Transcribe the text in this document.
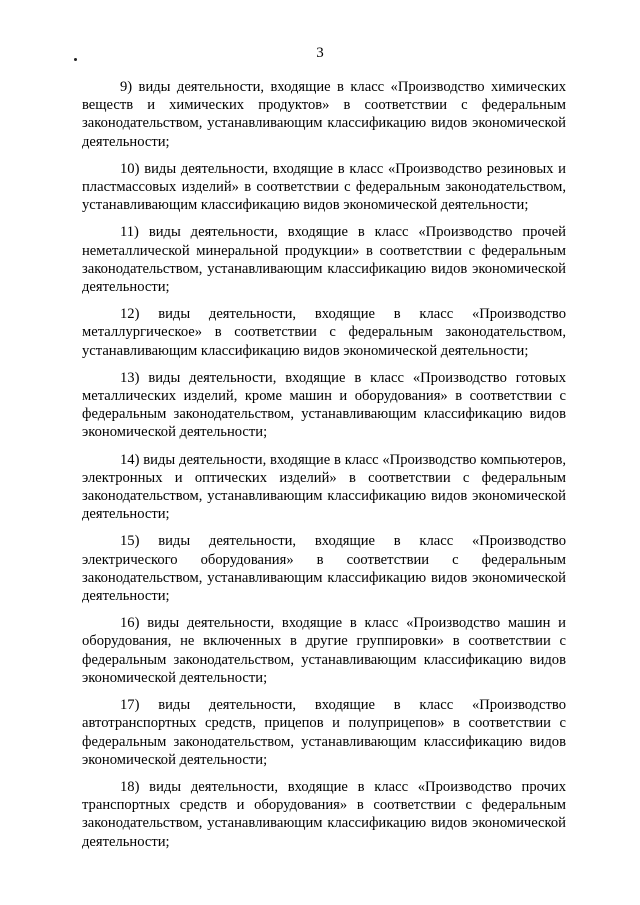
3

9) виды деятельности, входящие в класс «Производство химических веществ и химических продуктов» в соответствии с федеральным законодательством, устанавливающим классификацию видов экономической деятельности;

10) виды деятельности, входящие в класс «Производство резиновых и пластмассовых изделий» в соответствии с федеральным законодательством, устанавливающим классификацию видов экономической деятельности;

11) виды деятельности, входящие в класс «Производство прочей неметаллической минеральной продукции» в соответствии с федеральным законодательством, устанавливающим классификацию видов экономической деятельности;

12) виды деятельности, входящие в класс «Производство металлургическое» в соответствии с федеральным законодательством, устанавливающим классификацию видов экономической деятельности;

13) виды деятельности, входящие в класс «Производство готовых металлических изделий, кроме машин и оборудования» в соответствии с федеральным законодательством, устанавливающим классификацию видов экономической деятельности;

14) виды деятельности, входящие в класс «Производство компьютеров, электронных и оптических изделий» в соответствии с федеральным законодательством, устанавливающим классификацию видов экономической деятельности;

15) виды деятельности, входящие в класс «Производство электрического оборудования» в соответствии с федеральным законодательством, устанавливающим классификацию видов экономической деятельности;

16) виды деятельности, входящие в класс «Производство машин и оборудования, не включенных в другие группировки» в соответствии с федеральным законодательством, устанавливающим классификацию видов экономической деятельности;

17) виды деятельности, входящие в класс «Производство автотранспортных средств, прицепов и полуприцепов» в соответствии с федеральным законодательством, устанавливающим классификацию видов экономической деятельности;

18) виды деятельности, входящие в класс «Производство прочих транспортных средств и оборудования» в соответствии с федеральным законодательством, устанавливающим классификацию видов экономической деятельности;
